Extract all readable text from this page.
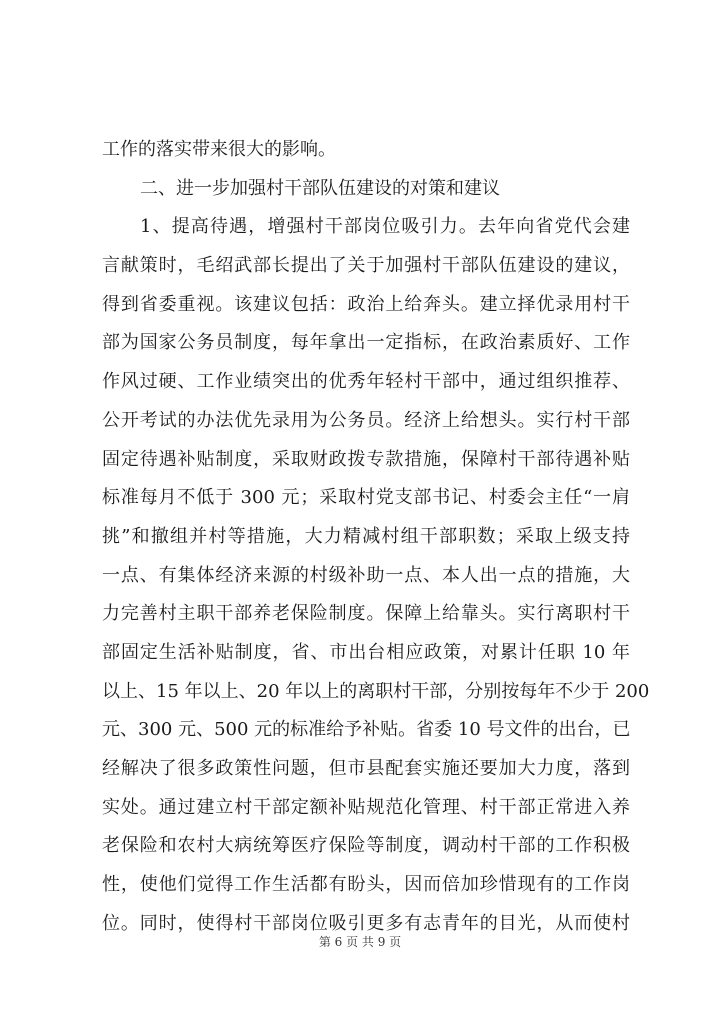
工作的落实带来很大的影响。
二、进一步加强村干部队伍建设的对策和建议
1、提高待遇，增强村干部岗位吸引力。去年向省党代会建
言献策时，毛绍武部长提出了关于加强村干部队伍建设的建议，
得到省委重视。该建议包括：政治上给奔头。建立择优录用村干
部为国家公务员制度，每年拿出一定指标，在政治素质好、工作
作风过硬、工作业绩突出的优秀年轻村干部中，通过组织推荐、
公开考试的办法优先录用为公务员。经济上给想头。实行村干部
固定待遇补贴制度，采取财政拨专款措施，保障村干部待遇补贴
标准每月不低于 300 元；采取村党支部书记、村委会主任“一肩
挑”和撤组并村等措施，大力精减村组干部职数；采取上级支持
一点、有集体经济来源的村级补助一点、本人出一点的措施，大
力完善村主职干部养老保险制度。保障上给靠头。实行离职村干
部固定生活补贴制度，省、市出台相应政策，对累计任职 10 年
以上、15 年以上、20 年以上的离职村干部，分别按每年不少于 200
元、300 元、500 元的标准给予补贴。省委 10 号文件的出台，已
经解决了很多政策性问题，但市县配套实施还要加大力度，落到
实处。通过建立村干部定额补贴规范化管理、村干部正常进入养
老保险和农村大病统筹医疗保险等制度，调动村干部的工作积极
性，使他们觉得工作生活都有盼头，因而倍加珍惜现有的工作岗
位。同时，使得村干部岗位吸引更多有志青年的目光，从而使村
第 6 页 共 9 页
